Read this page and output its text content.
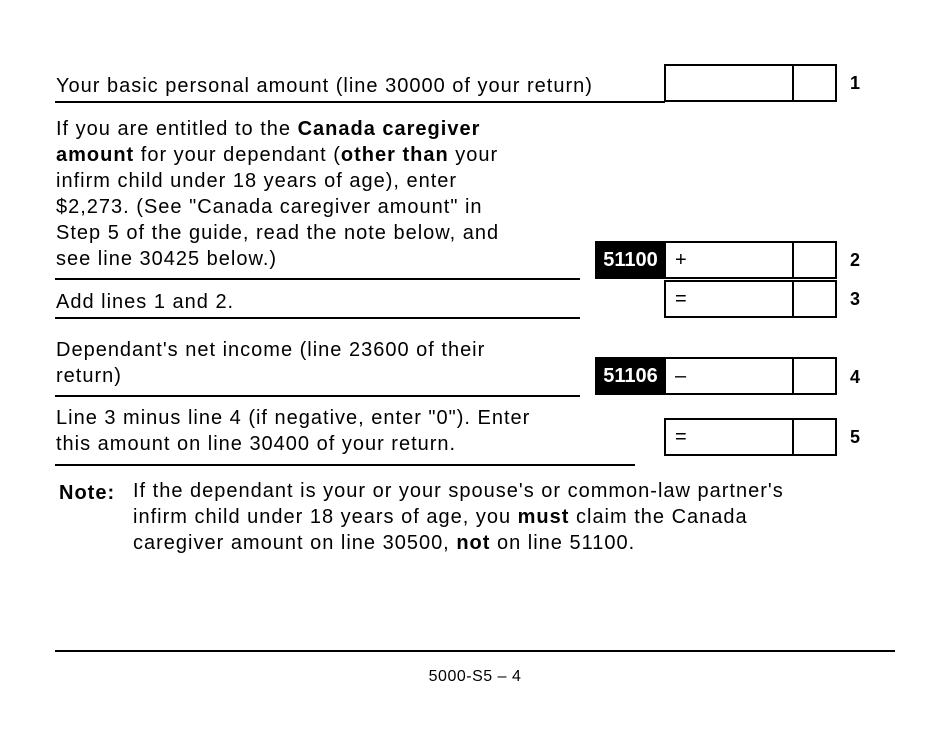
Your basic personal amount (line 30000 of your return)	1
If you are entitled to the Canada caregiver
amount for your dependant (other than your
infirm child under 18 years of age), enter
$2,273. (See "Canada caregiver amount" in
Step 5 of the guide, read the note below, and
see line 30425 below.)	51100 +	2
Add lines 1 and 2.	=	3
Dependant's net income (line 23600 of their
return)	51106 –	4
Line 3 minus line 4 (if negative, enter "0"). Enter
this amount on line 30400 of your return.	=	5
Note: If the dependant is your or your spouse's or common-law partner's
infirm child under 18 years of age, you must claim the Canada
caregiver amount on line 30500, not on line 51100.
5000-S5 – 4
